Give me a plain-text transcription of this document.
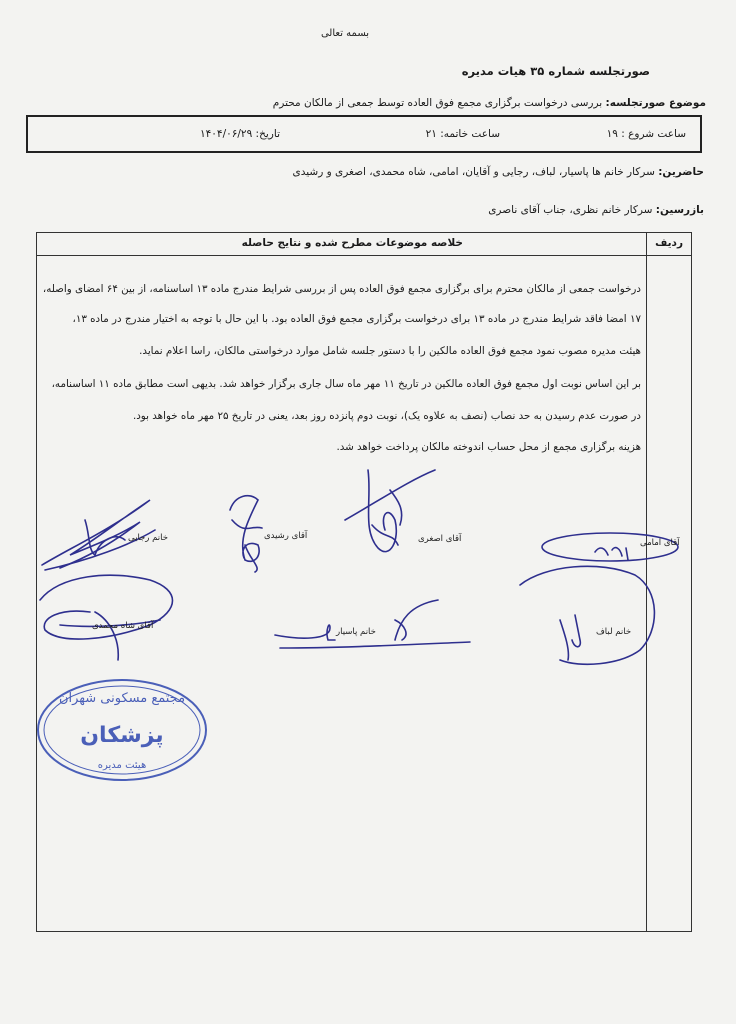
بسمه تعالی
صورتجلسه شماره ۳۵ هیات مدیره
موضوع صورتجلسه: بررسی درخواست برگزاری مجمع فوق العاده توسط جمعی از مالکان محترم
ساعت شروع : ۱۹
ساعت خاتمه: ۲۱
تاریخ: ۱۴۰۴/۰۶/۲۹
حاضرین: سرکار خانم ها پاسیار، لباف، رجایی و آقایان، امامی، شاه محمدی، اصغری و رشیدی
بازرسین: سرکار خانم نظری، جناب آقای ناصری
ردیف
خلاصه موضوعات مطرح شده و نتایج حاصله
درخواست جمعی از مالکان محترم برای برگزاری مجمع فوق العاده پس از بررسی شرایط مندرج ماده ۱۳ اساسنامه، از بین ۶۴ امضای واصله،
۱۷ امضا فاقد شرایط مندرج در ماده ۱۳ برای درخواست برگزاری مجمع فوق العاده بود. با این حال با توجه به اختیار مندرج در ماده ۱۳،
هیئت مدیره مصوب نمود مجمع فوق العاده مالکین را با دستور جلسه شامل موارد درخواستی مالکان، راسا اعلام نماید.
بر این اساس نوبت اول مجمع فوق العاده مالکین در تاریخ ۱۱ مهر ماه سال جاری برگزار خواهد شد. بدیهی است مطابق ماده ۱۱ اساسنامه،
در صورت عدم رسیدن به حد نصاب (نصف به علاوه یک)، نوبت دوم پانزده روز بعد، یعنی در تاریخ ۲۵ مهر ماه خواهد بود.
هزینه برگزاری مجمع از محل حساب اندوخته مالکان پرداخت خواهد شد.
مجتمع مسکونی شهران
پزشکان
هیئت مدیره
خانم رجایی	آقای رشیدی	آقای اصغری	آقای امامی
آقای شاه محمدی
خانم پاسیار	خانم لباف
